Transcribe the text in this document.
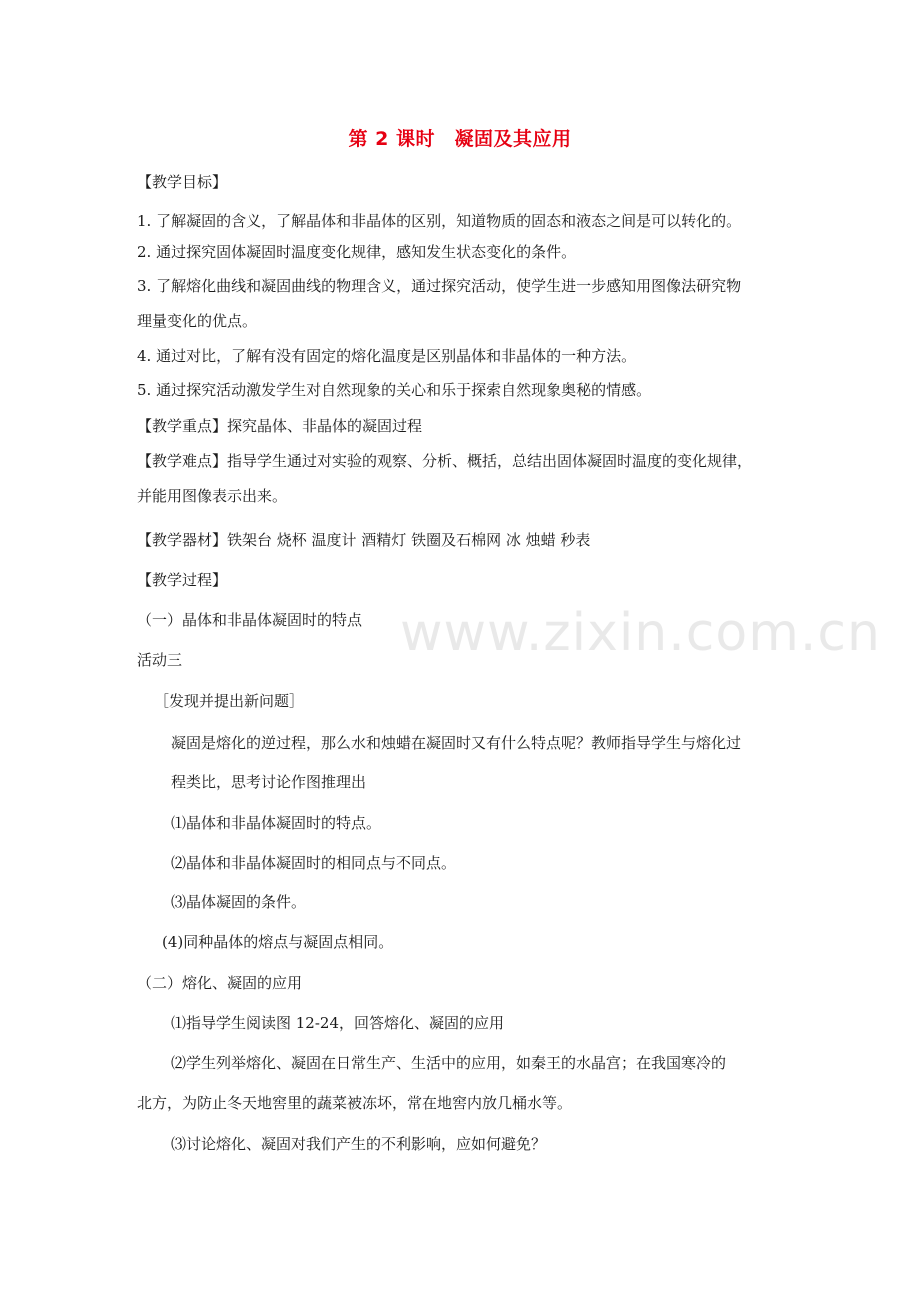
www.zixin.com.cn
第 2 课时　凝固及其应用
【教学目标】
1. 了解凝固的含义，了解晶体和非晶体的区别，知道物质的固态和液态之间是可以转化的。
2. 通过探究固体凝固时温度变化规律，感知发生状态变化的条件。
3. 了解熔化曲线和凝固曲线的物理含义，通过探究活动，使学生进一步感知用图像法研究物
理量变化的优点。
4. 通过对比，了解有没有固定的熔化温度是区别晶体和非晶体的一种方法。
5. 通过探究活动激发学生对自然现象的关心和乐于探索自然现象奥秘的情感。
【教学重点】探究晶体、非晶体的凝固过程
【教学难点】指导学生通过对实验的观察、分析、概括，总结出固体凝固时温度的变化规律，
并能用图像表示出来。
【教学器材】铁架台 烧杯 温度计 酒精灯 铁圈及石棉网 冰 烛蜡 秒表
【教学过程】
（一）晶体和非晶体凝固时的特点
活动三
［发现并提出新问题］
凝固是熔化的逆过程，那么水和烛蜡在凝固时又有什么特点呢？教师指导学生与熔化过
程类比，思考讨论作图推理出
⑴晶体和非晶体凝固时的特点。
⑵晶体和非晶体凝固时的相同点与不同点。
⑶晶体凝固的条件。
(4)同种晶体的熔点与凝固点相同。
（二）熔化、凝固的应用
⑴指导学生阅读图 12-24，回答熔化、凝固的应用
⑵学生列举熔化、凝固在日常生产、生活中的应用，如秦王的水晶宫；在我国寒冷的
北方，为防止冬天地窖里的蔬菜被冻坏，常在地窖内放几桶水等。
⑶讨论熔化、凝固对我们产生的不利影响，应如何避免？
